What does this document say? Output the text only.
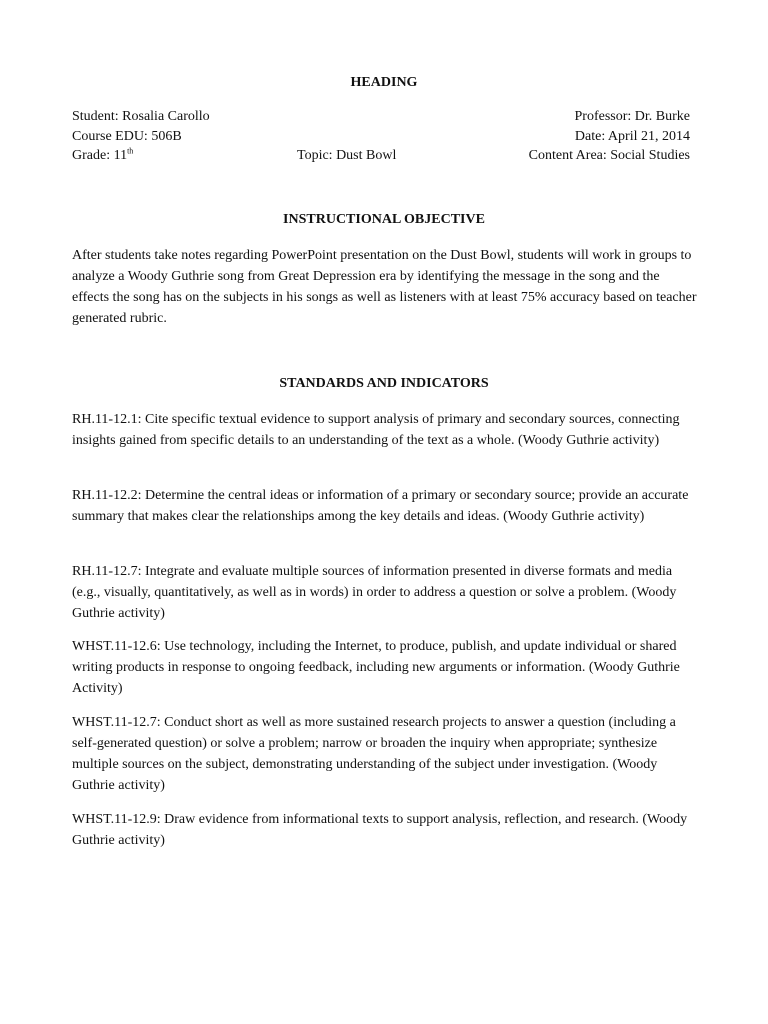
HEADING
Student: Rosalia Carollo	Professor: Dr. Burke
Course EDU: 506B	Date: April 21, 2014
Grade: 11th	Topic: Dust Bowl	Content Area: Social Studies
INSTRUCTIONAL OBJECTIVE

After students take notes regarding PowerPoint presentation on the Dust Bowl, students will work in groups to analyze a Woody Guthrie song from Great Depression era by identifying the message in the song and the effects the song has on the subjects in his songs as well as listeners with at least 75% accuracy based on teacher generated rubric.

STANDARDS AND INDICATORS

RH.11-12.1: Cite specific textual evidence to support analysis of primary and secondary sources, connecting insights gained from specific details to an understanding of the text as a whole. (Woody Guthrie activity)

RH.11-12.2: Determine the central ideas or information of a primary or secondary source; provide an accurate summary that makes clear the relationships among the key details and ideas. (Woody Guthrie activity)

RH.11-12.7: Integrate and evaluate multiple sources of information presented in diverse formats and media (e.g., visually, quantitatively, as well as in words) in order to address a question or solve a problem. (Woody Guthrie activity)

WHST.11-12.6: Use technology, including the Internet, to produce, publish, and update individual or shared writing products in response to ongoing feedback, including new arguments or information. (Woody Guthrie Activity)

WHST.11-12.7: Conduct short as well as more sustained research projects to answer a question (including a self-generated question) or solve a problem; narrow or broaden the inquiry when appropriate; synthesize multiple sources on the subject, demonstrating understanding of the subject under investigation. (Woody Guthrie activity)

WHST.11-12.9: Draw evidence from informational texts to support analysis, reflection, and research. (Woody Guthrie activity)
